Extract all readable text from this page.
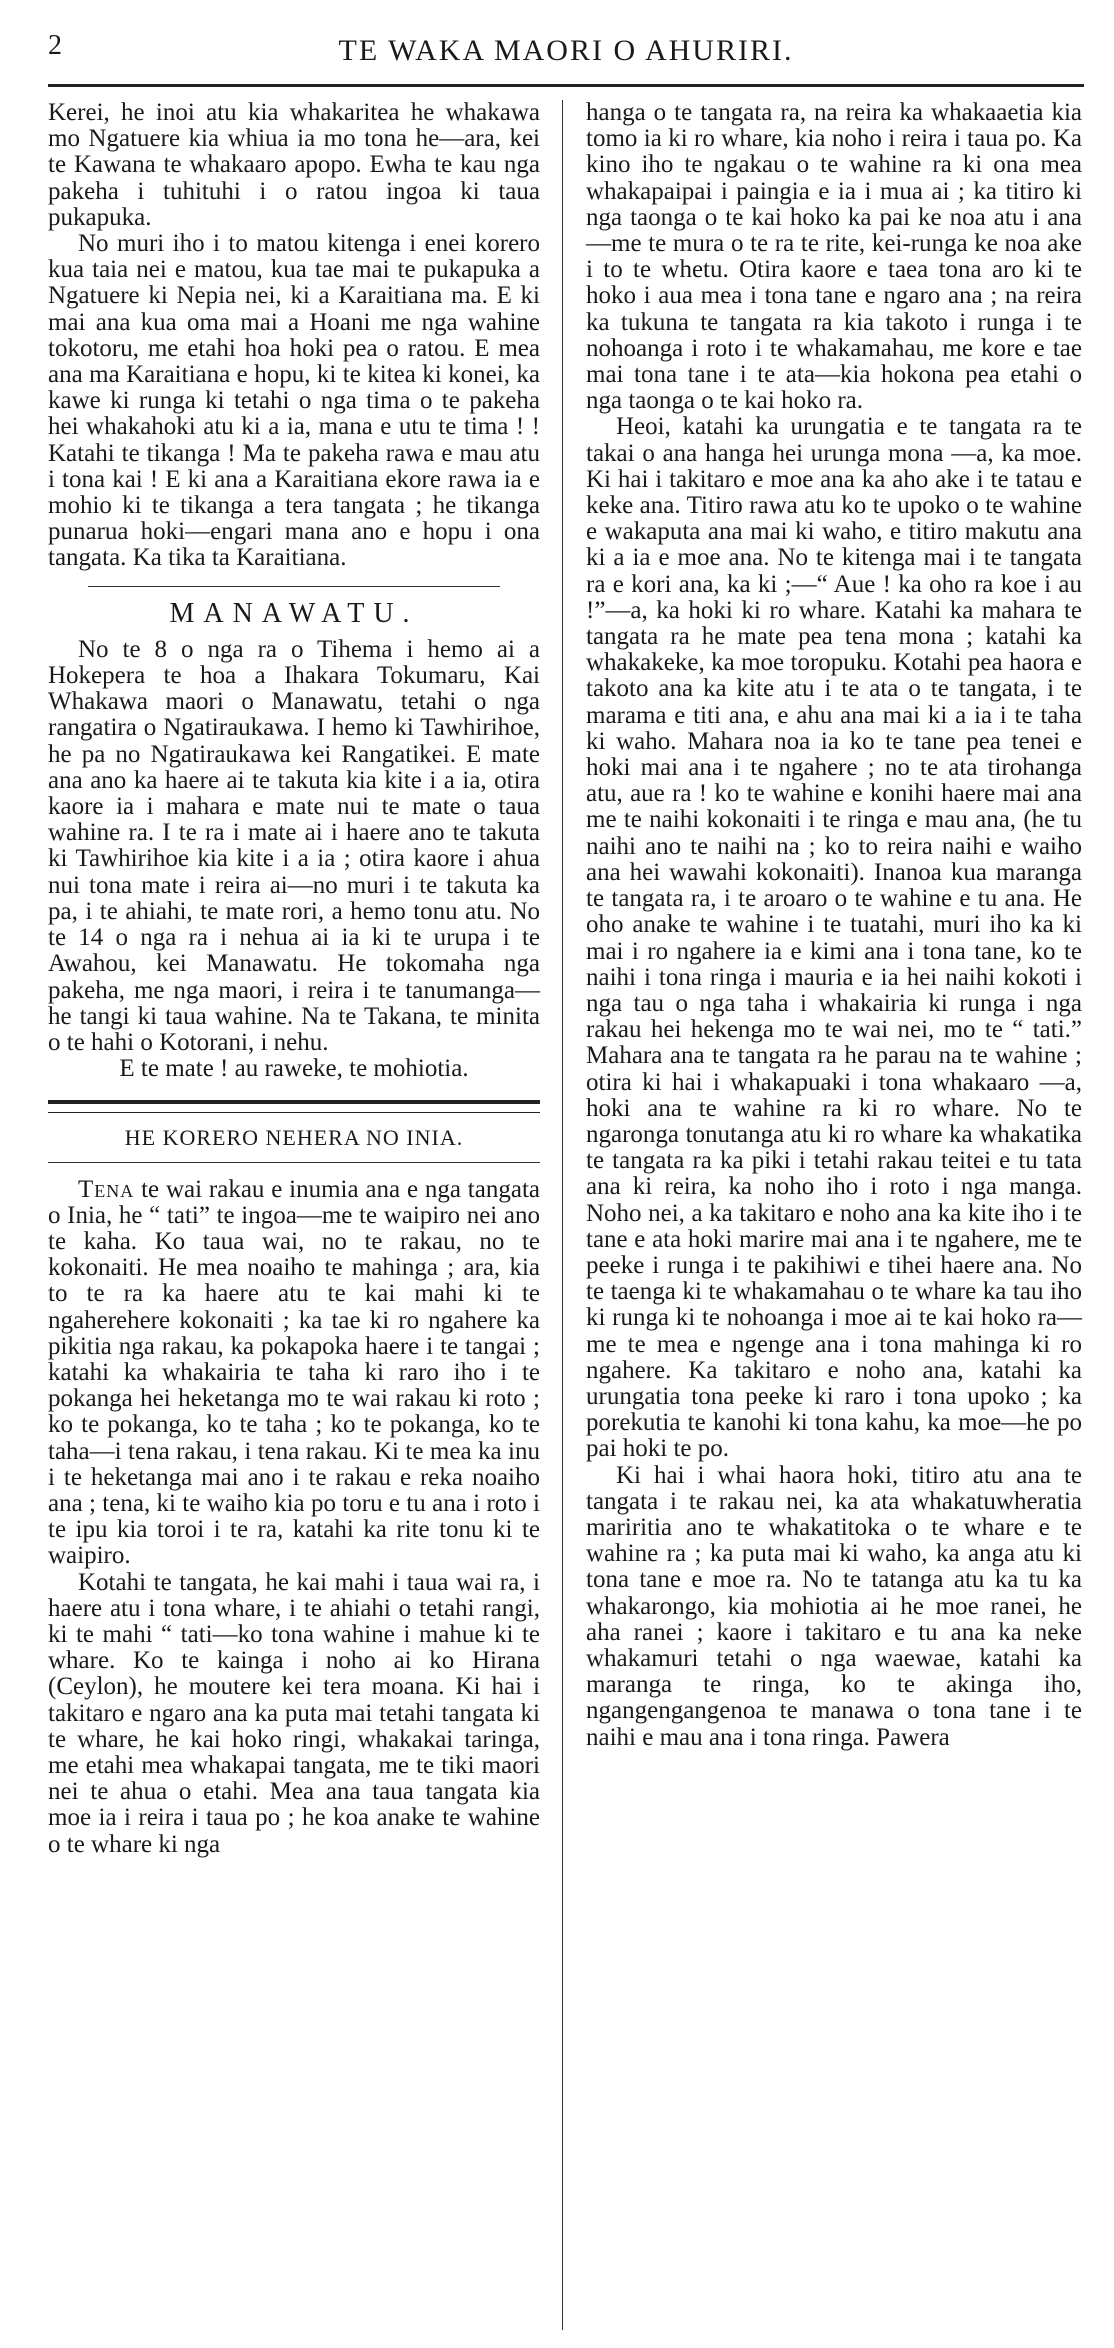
2	TE WAKA MAORI O AHURIRI.

Kerei, he inoi atu kia whakaritea he whakawa mo Ngatuere kia whiua ia mo tona he—ara, kei te Kawana te whakaaro apopo. Ewha te kau nga pakeha i tuhituhi i o ratou ingoa ki taua pukapuka.

No muri iho i to matou kitenga i enei korero kua taia nei e matou, kua tae mai te pukapuka a Ngatuere ki Nepia nei, ki a Karaitiana ma. E ki mai ana kua oma mai a Hoani me nga wahine tokotoru, me etahi hoa hoki pea o ratou. E mea ana ma Karaitiana e hopu, ki te kitea ki konei, ka kawe ki runga ki tetahi o nga tima o te pakeha hei whakahoki atu ki a ia, mana e utu te tima ! ! Katahi te tikanga ! Ma te pakeha rawa e mau atu i tona kai ! E ki ana a Karaitiana ekore rawa ia e mohio ki te tikanga a tera tangata ; he tikanga punarua hoki—engari mana ano e hopu i ona tangata. Ka tika ta Karaitiana.

MANAWATU.

No te 8 o nga ra o Tihema i hemo ai a Hokepera te hoa a Ihakara Tokumaru, Kai Whakawa maori o Manawatu, tetahi o nga rangatira o Ngatiraukawa. I hemo ki Tawhirihoe, he pa no Ngatiraukawa kei Rangatikei. E mate ana ano ka haere ai te takuta kia kite i a ia, otira kaore ia i mahara e mate nui te mate o taua wahine ra. I te ra i mate ai i haere ano te takuta ki Tawhirihoe kia kite i a ia ; otira kaore i ahua nui tona mate i reira ai—no muri i te takuta ka pa, i te ahiahi, te mate rori, a hemo tonu atu. No te 14 o nga ra i nehua ai ia ki te urupa i te Awahou, kei Manawatu. He tokomaha nga pakeha, me nga maori, i reira i te tanumanga—he tangi ki taua wahine. Na te Takana, te minita o te hahi o Kotorani, i nehu.

E te mate ! au raweke, te mohiotia.

HE KORERO NEHERA NO INIA.

Tena te wai rakau e inumia ana e nga tangata o Inia, he “ tati” te ingoa—me te waipiro nei ano te kaha. Ko taua wai, no te rakau, no te kokonaiti. He mea noaiho te mahinga ; ara, kia to te ra ka haere atu te kai mahi ki te ngaherehere kokonaiti ; ka tae ki ro ngahere ka pikitia nga rakau, ka pokapoka haere i te tangai ; katahi ka whakairia te taha ki raro iho i te pokanga hei heketanga mo te wai rakau ki roto ; ko te pokanga, ko te taha ; ko te pokanga, ko te taha—i tena rakau, i tena rakau. Ki te mea ka inu i te heketanga mai ano i te rakau e reka noaiho ana ; tena, ki te waiho kia po toru e tu ana i roto i te ipu kia toroi i te ra, katahi ka rite tonu ki te waipiro.

Kotahi te tangata, he kai mahi i taua wai ra, i haere atu i tona whare, i te ahiahi o tetahi rangi, ki te mahi “ tati—ko tona wahine i mahue ki te whare. Ko te kainga i noho ai ko Hirana (Ceylon), he moutere kei tera moana. Ki hai i takitaro e ngaro ana ka puta mai tetahi tangata ki te whare, he kai hoko ringi, whakakai taringa, me etahi mea whakapai tangata, me te tiki maori nei te ahua o etahi. Mea ana taua tangata kia moe ia i reira i taua po ; he koa anake te wahine o te whare ki nga

hanga o te tangata ra, na reira ka whakaaetia kia tomo ia ki ro whare, kia noho i reira i taua po. Ka kino iho te ngakau o te wahine ra ki ona mea whakapaipai i paingia e ia i mua ai ; ka titiro ki nga taonga o te kai hoko ka pai ke noa atu i ana—me te mura o te ra te rite, kei-runga ke noa ake i to te whetu. Otira kaore e taea tona aro ki te hoko i aua mea i tona tane e ngaro ana ; na reira ka tukuna te tangata ra kia takoto i runga i te nohoanga i roto i te whakamahau, me kore e tae mai tona tane i te ata—kia hokona pea etahi o nga taonga o te kai hoko ra.

Heoi, katahi ka urungatia e te tangata ra te takai o ana hanga hei urunga mona —a, ka moe. Ki hai i takitaro e moe ana ka aho ake i te tatau e keke ana. Titiro rawa atu ko te upoko o te wahine e wakaputa ana mai ki waho, e titiro makutu ana ki a ia e moe ana. No te kitenga mai i te tangata ra e kori ana, ka ki ;—“ Aue ! ka oho ra koe i au !”—a, ka hoki ki ro whare. Katahi ka mahara te tangata ra he mate pea tena mona ; katahi ka whakakeke, ka moe toropuku. Kotahi pea haora e takoto ana ka kite atu i te ata o te tangata, i te marama e titi ana, e ahu ana mai ki a ia i te taha ki waho. Mahara noa ia ko te tane pea tenei e hoki mai ana i te ngahere ; no te ata tirohanga atu, aue ra ! ko te wahine e konihi haere mai ana me te naihi kokonaiti i te ringa e mau ana, (he tu naihi ano te naihi na ; ko to reira naihi e waiho ana hei wawahi kokonaiti). Inanoa kua marangа te tangata ra, i te aroaro o te wahine e tu ana. He oho anake te wahine i te tuatahi, muri iho ka ki mai i ro ngahere ia e kimi ana i tona tane, ko te naihi i tona ringa i mauria e ia hei naihi kokoti i nga tau o nga taha i whakairia ki runga i nga rakau hei hekenga mo te wai nei, mo te “ tati.” Mahara ana te tangata ra he parau na te wahine ; otira ki hai i whakapuaki i tona whakaaro —a, hoki ana te wahine ra ki ro whare. No te ngaronga tonutanga atu ki ro whare ka whakatika te tangata ra ka piki i tetahi rakau teitei e tu tata ana ki reira, ka noho iho i roto i nga manga. Noho nei, a ka takitaro e noho ana ka kite iho i te tane e ata hoki marire mai ana i te ngahere, me te peeke i runga i te pakihiwi e tihei haere ana. No te taenga ki te whakamahau o te whare ka tau iho ki runga ki te nohoanga i moe ai te kai hoko ra—me te mea e ngenge ana i tona mahinga ki ro ngahere. Ka takitaro e noho ana, katahi ka urungatia tona peeke ki raro i tona upoko ; ka porekutia te kanohi ki tona kahu, ka moe—he po pai hoki te po.

Ki hai i whai haora hoki, titiro atu ana te tangata i te rakau nei, ka ata whakatuwheratia mariritia ano te whakatitoka o te whare e te wahine ra ; ka puta mai ki waho, ka anga atu ki tona tane e moe ra. No te tatanga atu ka tu ka whakarongo, kia mohiotia ai he moe ranei, he aha ranei ; kaore i takitaro e tu ana ka neke whakamuri tetahi o nga waewae, katahi ka maranga te ringa, ko te akinga iho, ngangengangenoa te manawa o tona tane i te naihi e mau ana i tona ringa. Pawera
